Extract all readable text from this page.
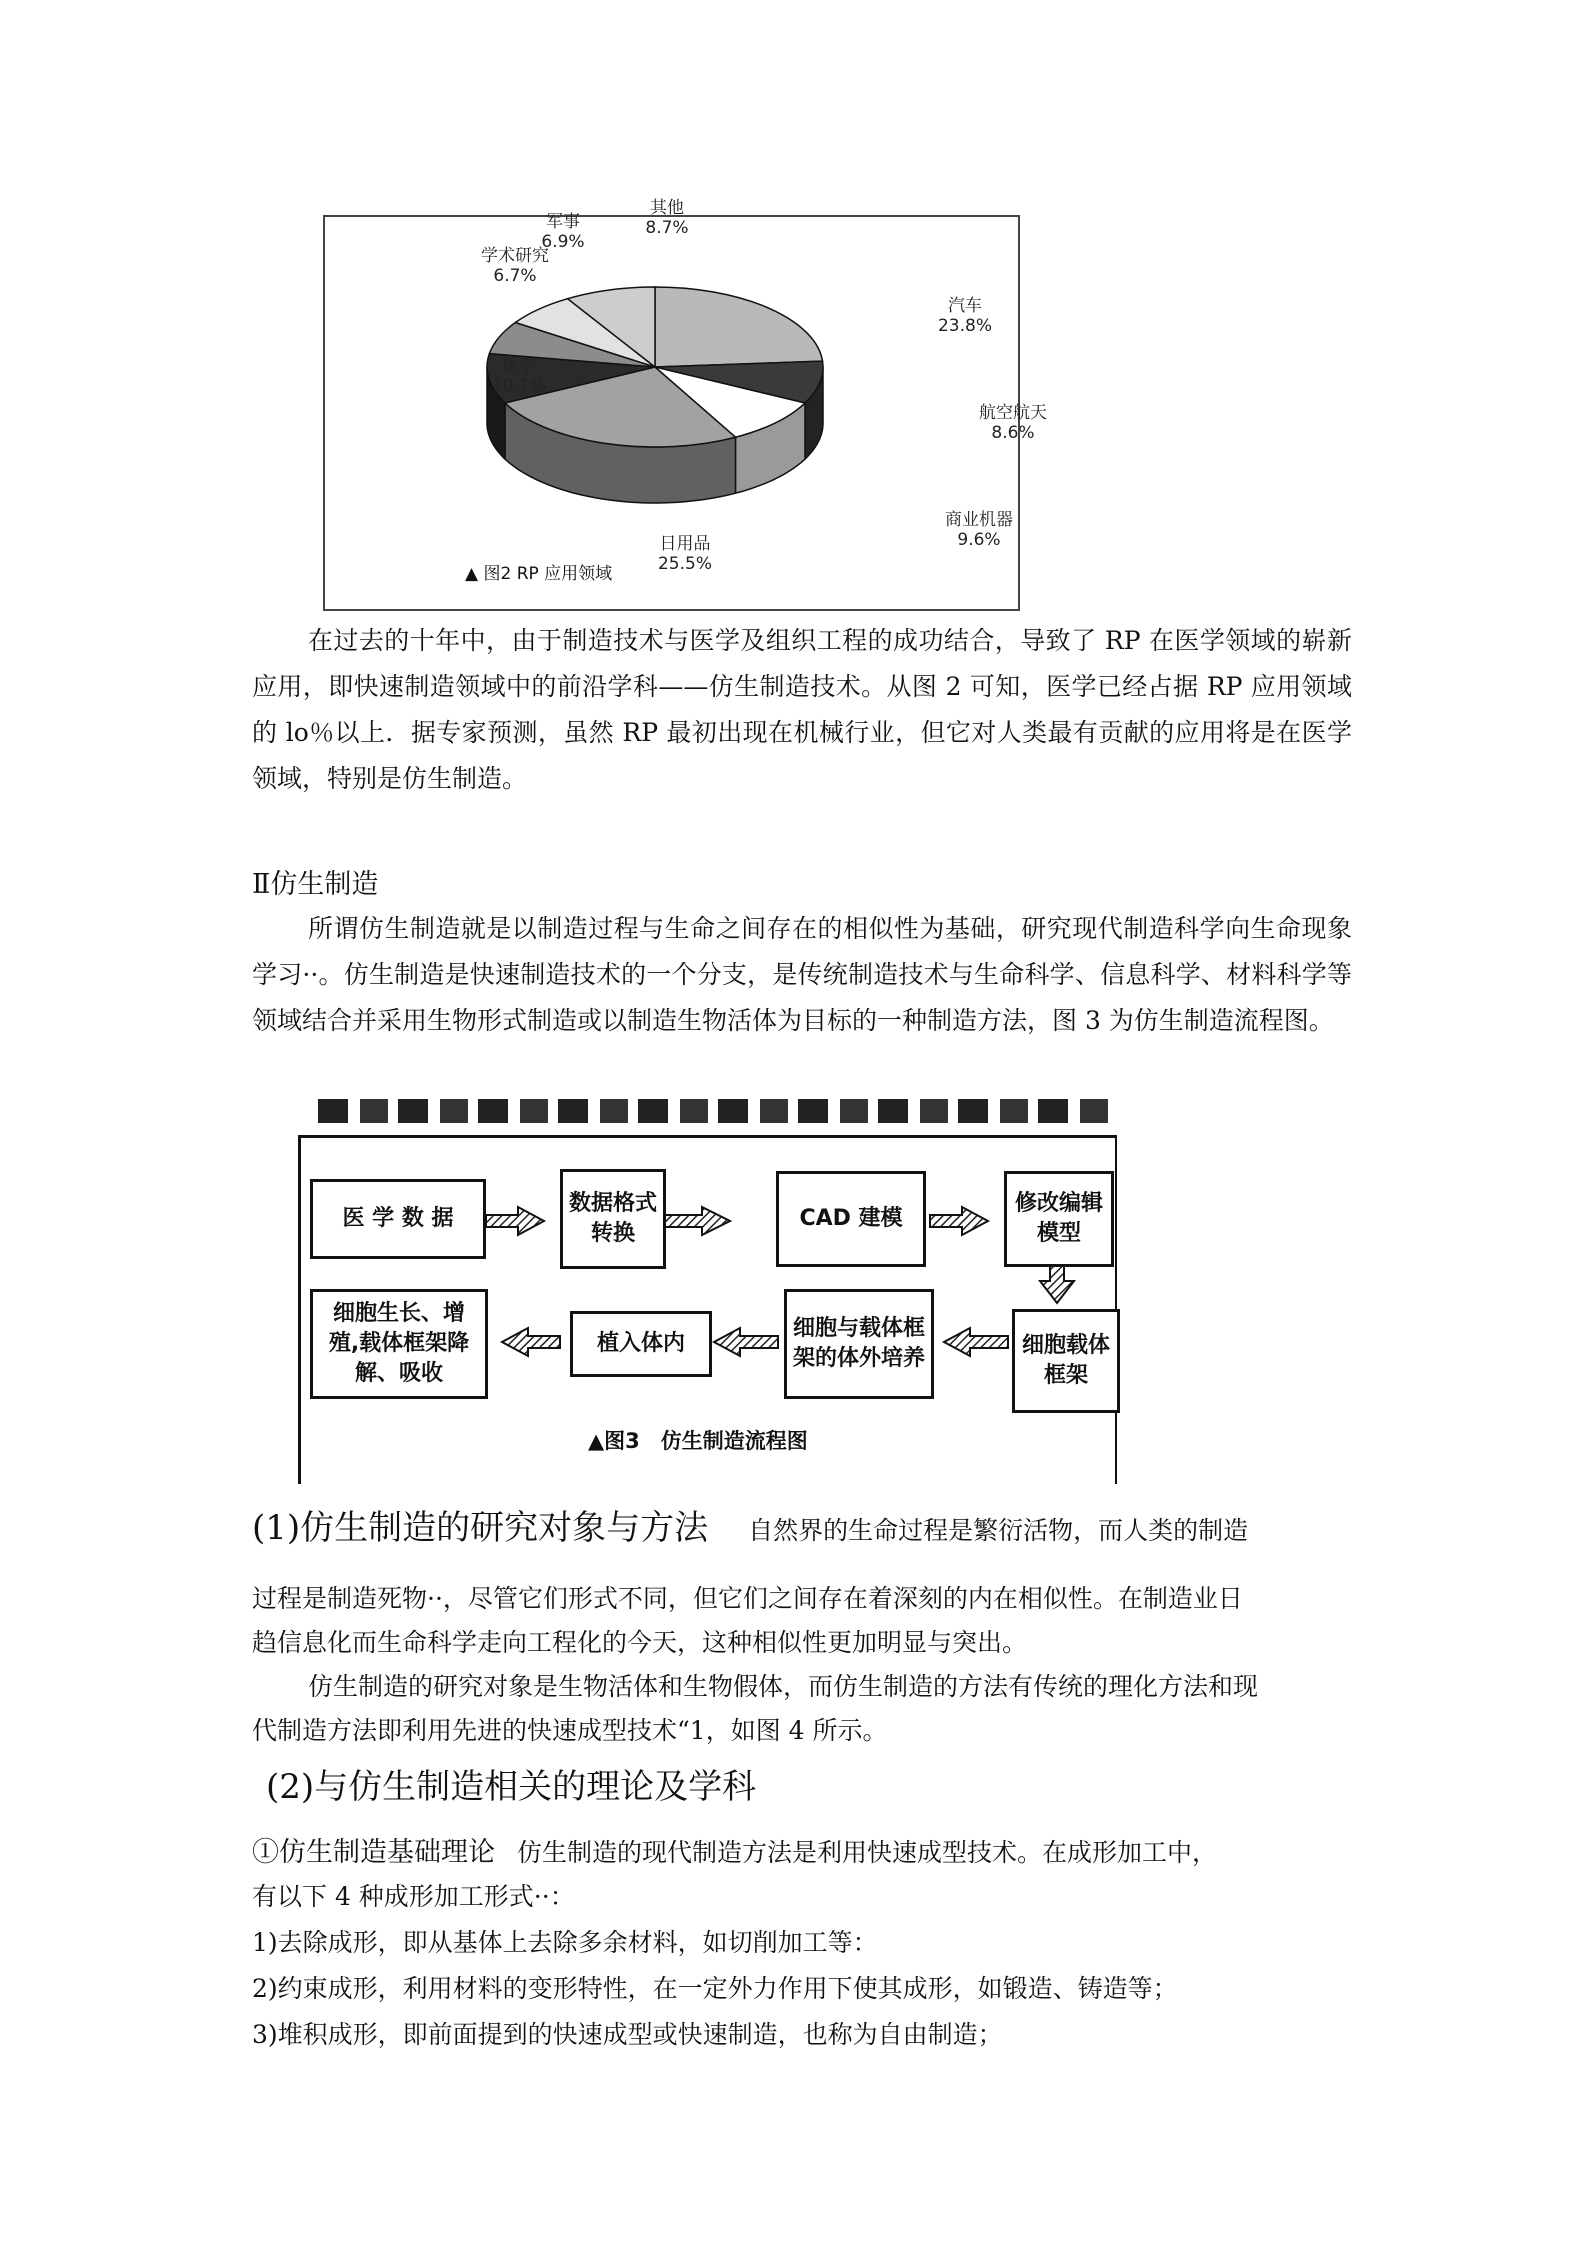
汽车
23.8%
航空航天
8.6%
商业机器
9.6%
日用品
25.5%
医学
10.1%
学术研究
6.7%
军事
6.9%
其他
8.7%
▲ 图2 RP 应用领域
在过去的十年中，由于制造技术与医学及组织工程的成功结合，导致了 RP 在医学领域的崭新应用，即快速制造领域中的前沿学科——仿生制造技术。从图 2 可知，医学已经占据 RP 应用领域的 lo％以上．据专家预测，虽然 RP 最初出现在机械行业，但它对人类最有贡献的应用将是在医学领域，特别是仿生制造。
Ⅱ仿生制造
所谓仿生制造就是以制造过程与生命之间存在的相似性为基础，研究现代制造科学向生命现象学习··。仿生制造是快速制造技术的一个分支，是传统制造技术与生命科学、信息科学、材料科学等领域结合并采用生物形式制造或以制造生物活体为目标的一种制造方法，图 3 为仿生制造流程图。
医 学 数 据
数据格式转换
CAD 建模
修改编辑模型
细胞载体框架
细胞与载体框架的体外培养
植入体内
细胞生长、增殖,载体框架降解、吸收
▲图3　仿生制造流程图
(1)仿生制造的研究对象与方法 自然界的生命过程是繁衍活物，而人类的制造
过程是制造死物··，尽管它们形式不同，但它们之间存在着深刻的内在相似性。在制造业日
趋信息化而生命科学走向工程化的今天，这种相似性更加明显与突出。
仿生制造的研究对象是生物活体和生物假体，而仿生制造的方法有传统的理化方法和现
代制造方法即利用先进的快速成型技术“1，如图 4 所示。
(2)与仿生制造相关的理论及学科
①仿生制造基础理论 仿生制造的现代制造方法是利用快速成型技术。在成形加工中，
有以下 4 种成形加工形式··：
1)去除成形，即从基体上去除多余材料，如切削加工等：
2)约束成形，利用材料的变形特性，在一定外力作用下使其成形，如锻造、铸造等；
3)堆积成形，即前面提到的快速成型或快速制造，也称为自由制造；
